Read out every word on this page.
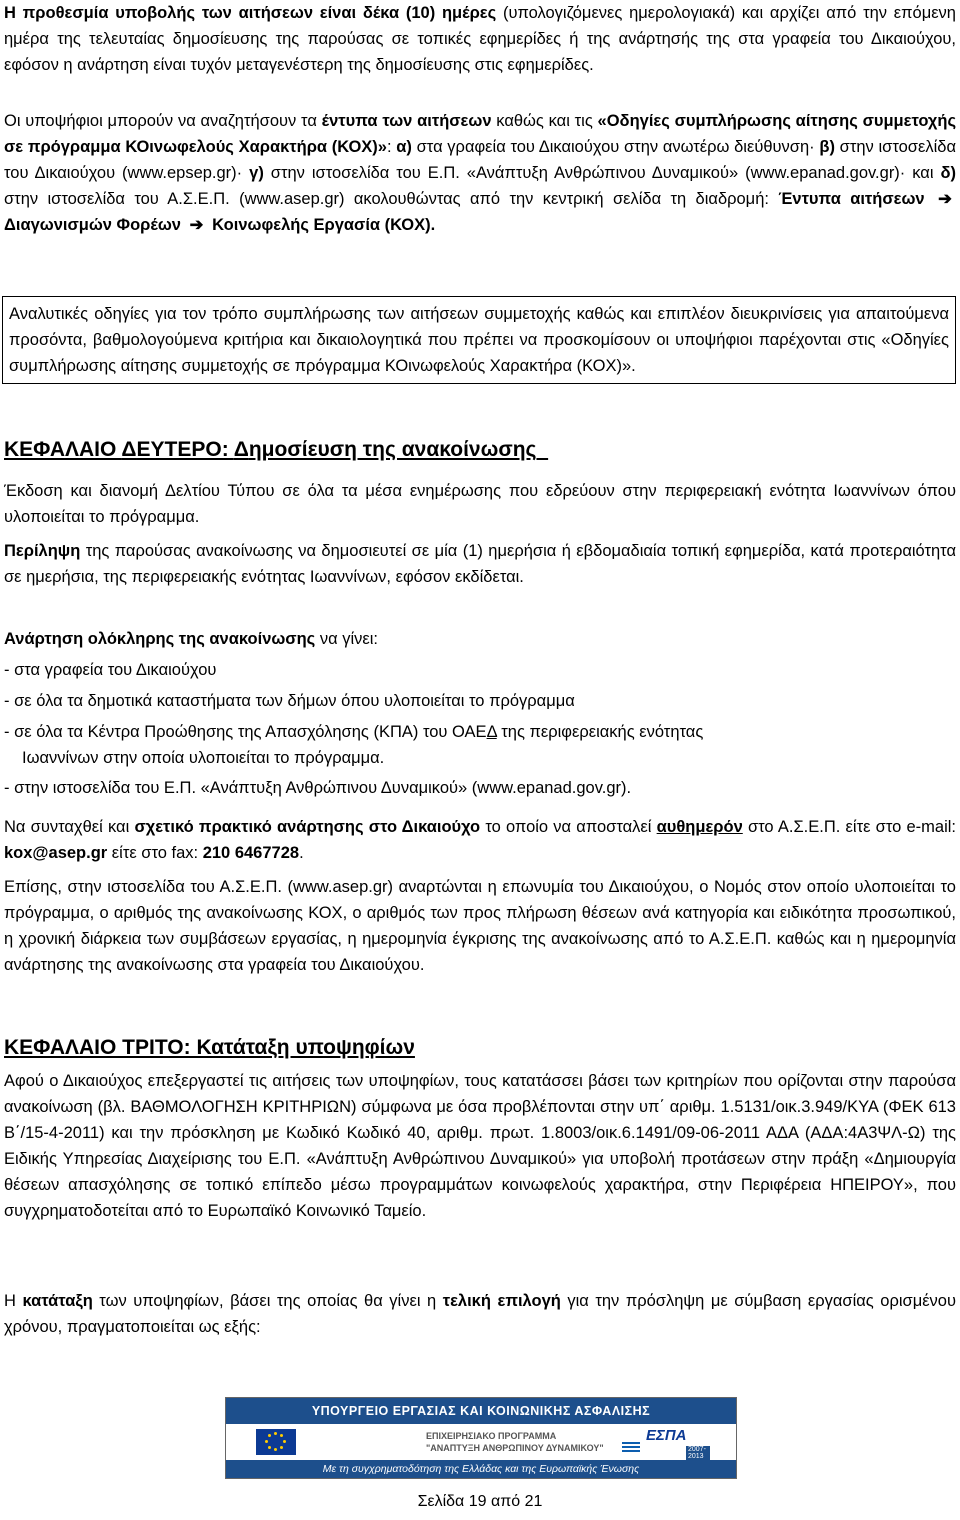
Η προθεσμία υποβολής των αιτήσεων είναι δέκα (10) ημέρες (υπολογιζόμενες ημερολογιακά) και αρχίζει από την επόμενη ημέρα της τελευταίας δημοσίευσης της παρούσας σε τοπικές εφημερίδες ή της ανάρτησής της στα γραφεία του Δικαιούχου, εφόσον η ανάρτηση είναι τυχόν μεταγενέστερη της δημοσίευσης στις εφημερίδες.

Οι υποψήφιοι μπορούν να αναζητήσουν τα έντυπα των αιτήσεων καθώς και τις «Οδηγίες συμπλήρωσης αίτησης συμμετοχής σε πρόγραμμα ΚΟινωφελούς Χαρακτήρα (ΚΟΧ)»: α) στα γραφεία του Δικαιούχου στην ανωτέρω διεύθυνση· β) στην ιστοσελίδα του Δικαιούχου (www.epsep.gr)· γ) στην ιστοσελίδα του Ε.Π. «Ανάπτυξη Ανθρώπινου Δυναμικού» (www.epanad.gov.gr)· και δ) στην ιστοσελίδα του Α.Σ.Ε.Π. (www.asep.gr) ακολουθώντας από την κεντρική σελίδα τη διαδρομή: Έντυπα αιτήσεων ➔ Διαγωνισμών Φορέων ➔ Κοινωφελής Εργασία (ΚΟΧ).

Αναλυτικές οδηγίες για τον τρόπο συμπλήρωσης των αιτήσεων συμμετοχής καθώς και επιπλέον διευκρινίσεις για απαιτούμενα προσόντα, βαθμολογούμενα κριτήρια και δικαιολογητικά που πρέπει να προσκομίσουν οι υποψήφιοι παρέχονται στις «Οδηγίες συμπλήρωσης αίτησης συμμετοχής σε πρόγραμμα ΚΟινωφελούς Χαρακτήρα (ΚΟΧ)».
ΚΕΦΑΛΑΙΟ ΔΕΥΤΕΡΟ: Δημοσίευση της ανακοίνωσης

Έκδοση και διανομή Δελτίου Τύπου σε όλα τα μέσα ενημέρωσης που εδρεύουν στην περιφερειακή ενότητα Ιωαννίνων όπου υλοποιείται το πρόγραμμα.

Περίληψη της παρούσας ανακοίνωσης να δημοσιευτεί σε μία (1) ημερήσια ή εβδομαδιαία τοπική εφημερίδα, κατά προτεραιότητα σε ημερήσια, της περιφερειακής ενότητας Ιωαννίνων, εφόσον εκδίδεται.

Ανάρτηση ολόκληρης της ανακοίνωσης να γίνει:

- στα γραφεία του Δικαιούχου

- σε όλα τα δημοτικά καταστήματα των δήμων όπου υλοποιείται το πρόγραμμα

- σε όλα τα Κέντρα Προώθησης της Απασχόλησης (ΚΠΑ) του ΟΑΕΔ της περιφερειακής ενότητας
Ιωαννίνων στην οποία υλοποιείται το πρόγραμμα.

- στην ιστοσελίδα του Ε.Π. «Ανάπτυξη Ανθρώπινου Δυναμικού» (www.epanad.gov.gr).

Να συνταχθεί και σχετικό πρακτικό ανάρτησης στο Δικαιούχο το οποίο να αποσταλεί αυθημερόν στο Α.Σ.Ε.Π. είτε στο e-mail: kox@asep.gr είτε στο fax: 210 6467728.

Επίσης, στην ιστοσελίδα του Α.Σ.Ε.Π. (www.asep.gr) αναρτώνται η επωνυμία του Δικαιούχου, ο Νομός στον οποίο υλοποιείται το πρόγραμμα, ο αριθμός της ανακοίνωσης ΚΟΧ, ο αριθμός των προς πλήρωση θέσεων ανά κατηγορία και ειδικότητα προσωπικού, η χρονική διάρκεια των συμβάσεων εργασίας, η ημερομηνία έγκρισης της ανακοίνωσης από το Α.Σ.Ε.Π. καθώς και η ημερομηνία ανάρτησης της ανακοίνωσης στα γραφεία του Δικαιούχου.

ΚΕΦΑΛΑΙΟ ΤΡΙΤΟ: Κατάταξη υποψηφίων

Αφού ο Δικαιούχος επεξεργαστεί τις αιτήσεις των υποψηφίων, τους κατατάσσει βάσει των κριτηρίων που ορίζονται στην παρούσα ανακοίνωση (βλ. ΒΑΘΜΟΛΟΓΗΣΗ ΚΡΙΤΗΡΙΩΝ) σύμφωνα με όσα προβλέπονται στην υπ΄ αριθμ. 1.5131/οικ.3.949/ΚΥΑ (ΦΕΚ 613 Β΄/15-4-2011) και την πρόσκληση με Κωδικό Κωδικό 40, αριθμ. πρωτ. 1.8003/οικ.6.1491/09-06-2011 ΑΔΑ (ΑΔΑ:4Α3ΨΛ-Ω) της Ειδικής Υπηρεσίας Διαχείρισης του Ε.Π. «Ανάπτυξη Ανθρώπινου Δυναμικού» για υποβολή προτάσεων στην πράξη «Δημιουργία θέσεων απασχόλησης σε τοπικό επίπεδο μέσω προγραμμάτων κοινωφελούς χαρακτήρα, στην Περιφέρεια ΗΠΕΙΡΟΥ», που συγχρηματοδοτείται από το Ευρωπαϊκό Κοινωνικό Ταμείο.

Η κατάταξη των υποψηφίων, βάσει της οποίας θα γίνει η τελική επιλογή για την πρόσληψη με σύμβαση εργασίας ορισμένου χρόνου, πραγματοποιείται ως εξής:

ΥΠΟΥΡΓΕΙΟ ΕΡΓΑΣΙΑΣ ΚΑΙ ΚΟΙΝΩΝΙΚΗΣ ΑΣΦΑΛΙΣΗΣ
ΕΠΙΧΕΙΡΗΣΙΑΚΟ ΠΡΟΓΡΑΜΜΑ
"ΑΝΑΠΤΥΞΗ ΑΝΘΡΩΠΙΝΟΥ ΔΥΝΑΜΙΚΟΥ"
ΕΣΠΑ
2007-2013
Με τη συγχρηματοδότηση της Ελλάδας και της Ευρωπαϊκής Ένωσης
Σελίδα 19 από 21
